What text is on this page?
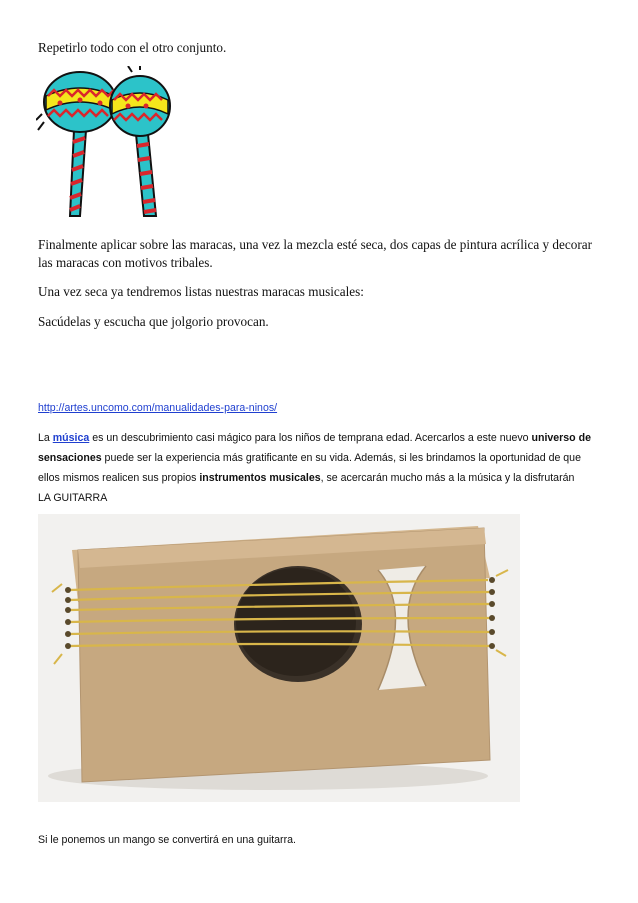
Repetirlo todo con el otro conjunto.

Finalmente aplicar sobre las maracas, una vez la mezcla esté seca, dos capas de pintura acrílica y decorar las maracas con motivos tribales.

Una vez seca ya tendremos listas nuestras maracas musicales:

Sacúdelas y escucha que jolgorio provocan.

http://artes.uncomo.com/manualidades-para-ninos/

La música es un descubrimiento casi mágico para los niños de temprana edad. Acercarlos a este nuevo universo de sensaciones puede ser la experiencia más gratificante en su vida. Además, si les brindamos la oportunidad de que ellos mismos realicen sus propios instrumentos musicales, se acercarán mucho más a la música y la disfrutarán

LA GUITARRA

Si le ponemos un mango se convertirá en una guitarra.
